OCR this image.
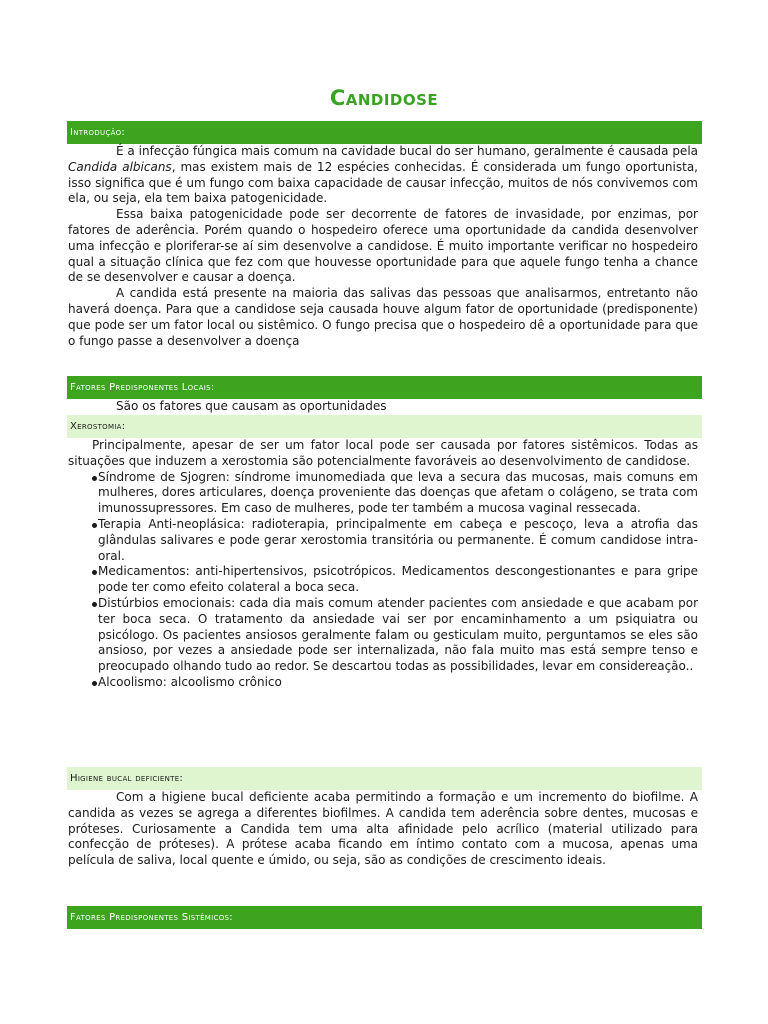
Candidose
Introdução:

É a infecção fúngica mais comum na cavidade bucal do ser humano, geralmente é causada pela Candida albicans, mas existem mais de 12 espécies conhecidas. É considerada um fungo oportunista, isso significa que é um fungo com baixa capacidade de causar infecção, muitos de nós convivemos com ela, ou seja, ela tem baixa patogenicidade.

Essa baixa patogenicidade pode ser decorrente de fatores de invasidade, por enzimas, por fatores de aderência. Porém quando o hospedeiro oferece uma oportunidade da candida desenvolver uma infecção e ploriferar-se aí sim desenvolve a candidose. É muito importante verificar no hospedeiro qual a situação clínica que fez com que houvesse oportunidade para que aquele fungo tenha a chance de se desenvolver e causar a doença.

A candida está presente na maioria das salivas das pessoas que analisarmos, entretanto não haverá doença. Para que a candidose seja causada houve algum fator de oportunidade (predisponente) que pode ser um fator local ou sistêmico. O fungo precisa que o hospedeiro dê a oportunidade para que o fungo passe a desenvolver a doença

Fatores Predisponentes Locais:

São os fatores que causam as oportunidades

Xerostomia:

Principalmente, apesar de ser um fator local pode ser causada por fatores sistêmicos. Todas as situações que induzem a xerostomia são potencialmente favoráveis ao desenvolvimento de candidose.

Síndrome de Sjogren: síndrome imunomediada que leva a secura das mucosas, mais comuns em mulheres, dores articulares, doença proveniente das doenças que afetam o colágeno, se trata com imunossupressores. Em caso de mulheres, pode ter também a mucosa vaginal ressecada.
Terapia Anti-neoplásica: radioterapia, principalmente em cabeça e pescoço, leva a atrofia das glândulas salivares e pode gerar xerostomia transitória ou permanente. É comum candidose intra-oral.
Medicamentos: anti-hipertensivos, psicotrópicos. Medicamentos descongestionantes e para gripe pode ter como efeito colateral a boca seca.
Distúrbios emocionais: cada dia mais comum atender pacientes com ansiedade e que acabam por ter boca seca. O tratamento da ansiedade vai ser por encaminhamento a um psiquiatra ou psicólogo. Os pacientes ansiosos geralmente falam ou gesticulam muito, perguntamos se eles são ansioso, por vezes a ansiedade pode ser internalizada, não fala muito mas está sempre tenso e preocupado olhando tudo ao redor. Se descartou todas as possibilidades, levar em considereação..
Alcoolismo: alcoolismo crônico
Higiene bucal deficiente:

Com a higiene bucal deficiente acaba permitindo a formação e um incremento do biofilme. A candida as vezes se agrega a diferentes biofilmes. A candida tem aderência sobre dentes, mucosas e próteses. Curiosamente a Candida tem uma alta afinidade pelo acrílico (material utilizado para confecção de próteses). A prótese acaba ficando em íntimo contato com a mucosa, apenas uma película de saliva, local quente e úmido, ou seja, são as condições de crescimento ideais.

Fatores Predisponentes Sistêmicos:
